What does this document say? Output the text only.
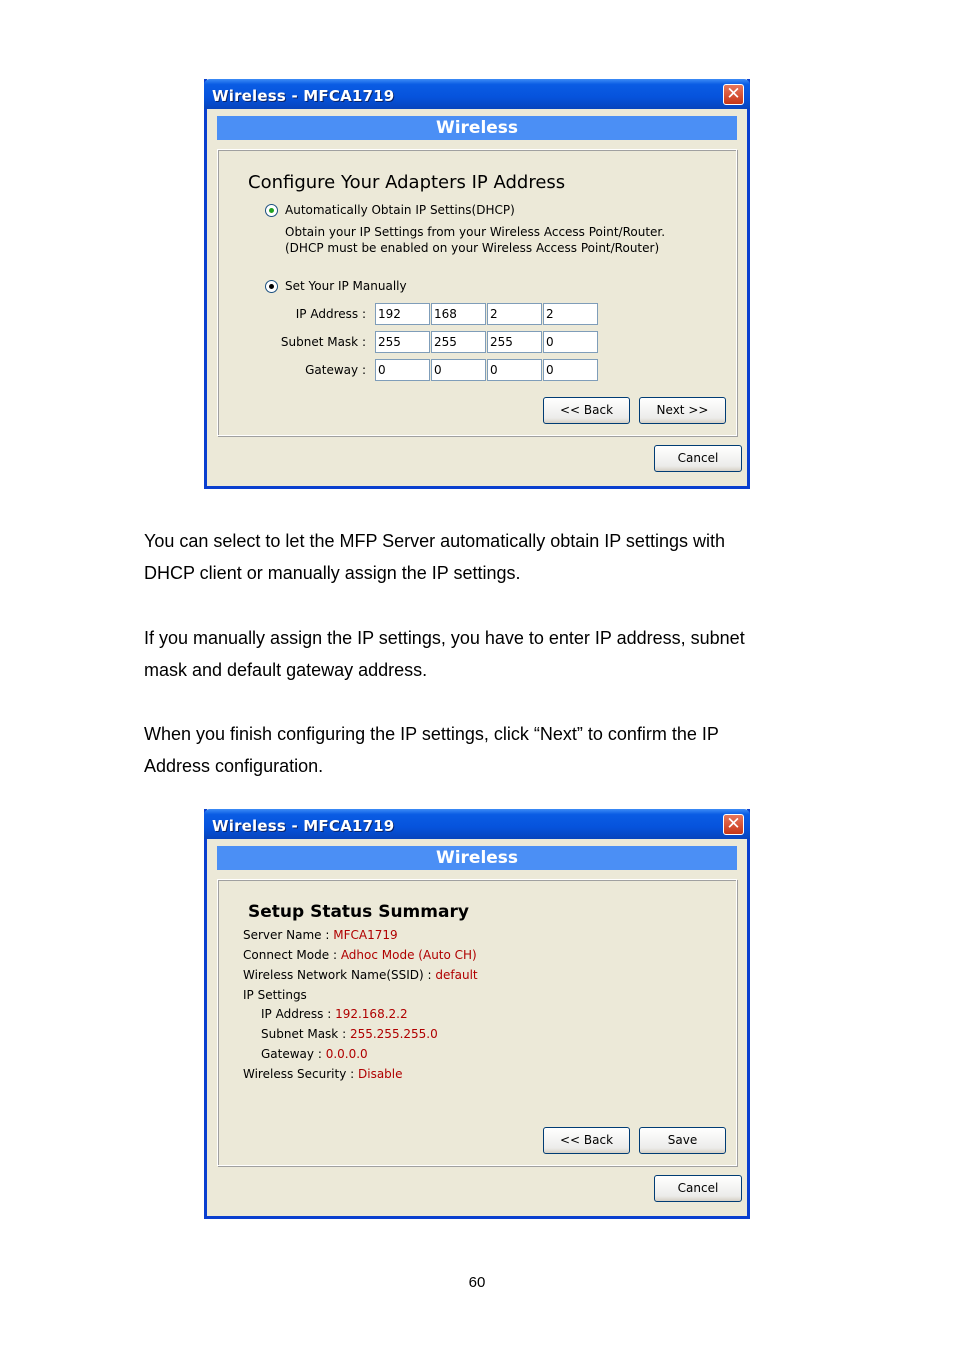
Wireless - MFCA1719	✕
Wireless
Configure Your Adapters IP Address
Automatically Obtain IP Settins(DHCP)
Obtain your IP Settings from your Wireless Access Point/Router.
(DHCP must be enabled on your Wireless Access Point/Router)
Set Your IP Manually
IP Address : 192	168	2	2
Subnet Mask : 255	255	255	0
Gateway : 0	0	0	0
<< Back	Next >>
Cancel
You can select to let the MFP Server automatically obtain IP settings with
DHCP client or manually assign the IP settings.
If you manually assign the IP settings, you have to enter IP address, subnet
mask and default gateway address.
When you finish configuring the IP settings, click “Next” to confirm the IP
Address configuration.
Wireless - MFCA1719	✕
Wireless
Setup Status Summary
Server Name : MFCA1719
Connect Mode : Adhoc Mode (Auto CH)
Wireless Network Name(SSID) : default
IP Settings
IP Address : 192.168.2.2
Subnet Mask : 255.255.255.0
Gateway : 0.0.0.0
Wireless Security : Disable
<< Back	Save
Cancel
60
